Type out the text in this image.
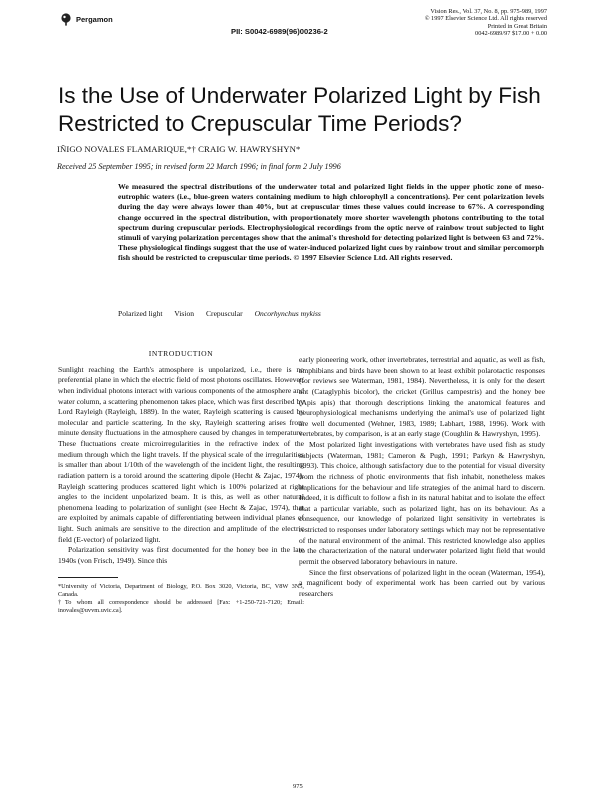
Pergamon
PII: S0042-6989(96)00236-2
Vision Res., Vol. 37, No. 8, pp. 975-989, 1997
© 1997 Elsevier Science Ltd. All rights reserved
Printed in Great Britain
0042-6989/97 $17.00 + 0.00
Is the Use of Underwater Polarized Light by Fish
Restricted to Crepuscular Time Periods?
IÑIGO NOVALES FLAMARIQUE,*† CRAIG W. HAWRYSHYN*
Received 25 September 1995; in revised form 22 March 1996; in final form 2 July 1996
We measured the spectral distributions of the underwater total and polarized light fields in the upper photic zone of meso-eutrophic waters (i.e., blue-green waters containing medium to high chlorophyll a concentrations). Per cent polarization levels during the day were always lower than 40%, but at crepuscular times these values could increase to 67%. A corresponding change occurred in the spectral distribution, with proportionately more shorter wavelength photons contributing to the total spectrum during crepuscular periods. Electrophysiological recordings from the optic nerve of rainbow trout subjected to light stimuli of varying polarization percentages show that the animal's threshold for detecting polarized light is between 63 and 72%. These physiological findings suggest that the use of water-induced polarized light cues by rainbow trout and similar percomorph fish should be restricted to crepuscular time periods. © 1997 Elsevier Science Ltd. All rights reserved.
Polarized light Vision Crepuscular Oncorhynchus mykiss
INTRODUCTION

Sunlight reaching the Earth's atmosphere is unpolarized, i.e., there is no preferential plane in which the electric field of most photons oscillates. However, when individual photons interact with various components of the atmosphere and water column, a scattering phenomenon takes place, which was first described by Lord Rayleigh (Rayleigh, 1889). In the water, Rayleigh scattering is caused by molecular and particle scattering. In the sky, Rayleigh scattering arises from minute density fluctuations in the atmosphere caused by changes in temperature. These fluctuations create microirregularities in the refractive index of the medium through which the light travels. If the physical scale of the irregularities is smaller than about 1/10th of the wavelength of the incident light, the resulting radiation pattern is a toroid around the scattering dipole (Hecht & Zajac, 1974). Rayleigh scattering produces scattered light which is 100% polarized at right angles to the incident unpolarized beam. It is this, as well as other natural phenomena leading to polarization of sunlight (see Hecht & Zajac, 1974), that are exploited by animals capable of differentiating between individual planes of light. Such animals are sensitive to the direction and amplitude of the electric field (E-vector) of polarized light.

Polarization sensitivity was first documented for the honey bee in the late 1940s (von Frisch, 1949). Since this

*University of Victoria, Department of Biology, P.O. Box 3020, Victoria, BC, V8W 3N5, Canada.

†To whom all correspondence should be addressed [Fax: +1-250-721-7120; Email: inovales@uvvm.uvic.ca].

early pioneering work, other invertebrates, terrestrial and aquatic, as well as fish, amphibians and birds have been shown to at least exhibit polarotactic responses (for reviews see Waterman, 1981, 1984). Nevertheless, it is only for the desert ant (Cataglyphis bicolor), the cricket (Grillus campestris) and the honey bee (Apis apis) that thorough descriptions linking the anatomical features and neurophysiological mechanisms underlying the animal's use of polarized light are well documented (Wehner, 1983, 1989; Labhart, 1988, 1996). Work with vertebrates, by comparison, is at an early stage (Coughlin & Hawryshyn, 1995).

Most polarized light investigations with vertebrates have used fish as study subjects (Waterman, 1981; Cameron & Pugh, 1991; Parkyn & Hawryshyn, 1993). This choice, although satisfactory due to the potential for visual diversity from the richness of photic environments that fish inhabit, nonetheless makes implications for the behaviour and life strategies of the animal hard to discern. Indeed, it is difficult to follow a fish in its natural habitat and to isolate the effect that a particular variable, such as polarized light, has on its behaviour. As a consequence, our knowledge of polarized light sensitivity in vertebrates is restricted to responses under laboratory settings which may not be representative of the natural environment of the animal. This restricted knowledge also applies to the characterization of the natural underwater polarized light field that would permit the observed laboratory behaviours in nature.

Since the first observations of polarized light in the ocean (Waterman, 1954), a magnificent body of experimental work has been carried out by various researchers

975
